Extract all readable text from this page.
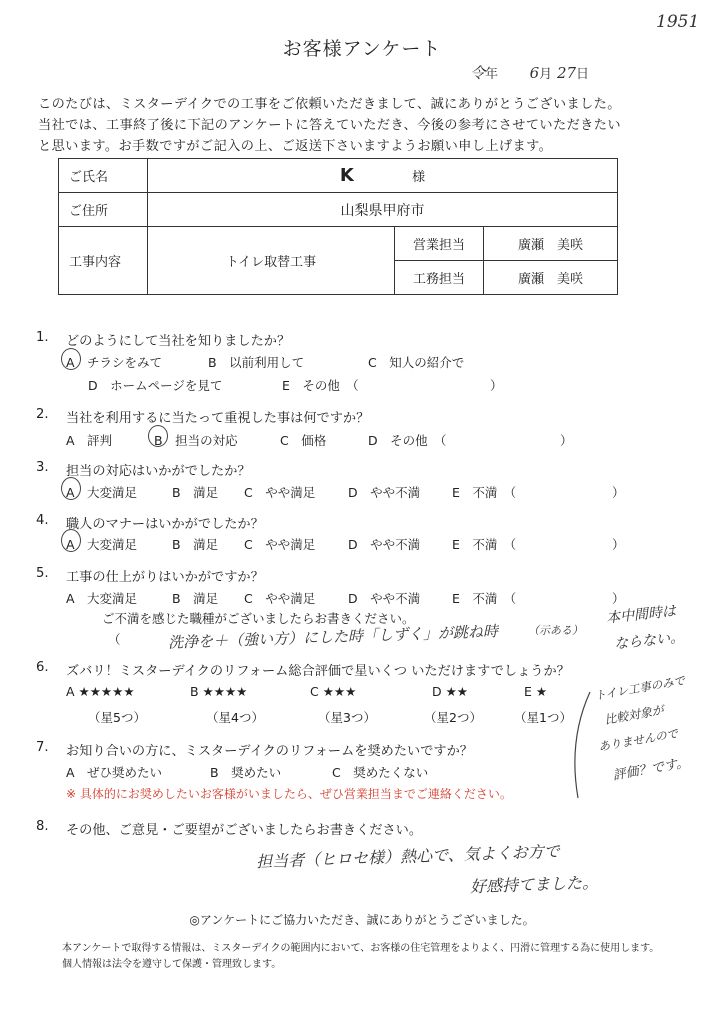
1951
お客様アンケート
令年 6月 27日
このたびは、ミスターデイクでの工事をご依頼いただきまして、誠にありがとうございました。
当社では、工事終了後に下記のアンケートに答えていただき、今後の参考にさせていただきたい
と思います。お手数ですがご記入の上、ご返送下さいますようお願い申し上げます。
ご氏名	K 様		
ご住所	山梨県甲府市		
工事内容	トイレ取替工事	営業担当	廣瀬　美咲
		工務担当	廣瀬　美咲
1. どのようにして当社を知りましたか？
A　チラシをみて	B　以前利用して	C　知人の紹介で
D　ホームページを見て	E　その他　（	）
2. 当社を利用するに当たって重視した事は何ですか？
A　評判	B　担当の対応	C　価格	D　その他　（	）
3. 担当の対応はいかがでしたか？
A　大変満足	B　満足 C　やや満足	D　やや不満	E　不満　（	）
4. 職人のマナーはいかがでしたか？
A　大変満足	B　満足 C　やや満足	D　やや不満	E　不満　（	）
5. 工事の仕上がりはいかがですか？
A　大変満足	B　満足 C　やや満足	D　やや不満	E　不満　（	）
ご不満を感じた職種がございましたらお書きください。
（	洗浄を＋（強い方）にした時「しずく」が跳ね時	（示ある）
本中間時は
ならない。
6. ズバリ！ミスターデイクのリフォーム総合評価で星いくつ いただけますでしょうか？
A ★★★★★	B ★★★★	C ★★★	D ★★	E ★
（星5つ）	（星4つ）	（星3つ）	（星2つ）	（星1つ）
トイレ工事のみで
比較対象が
ありませんので
評価？です。
7. お知り合いの方に、ミスターデイクのリフォームを奨めたいですか？
A　ぜひ奨めたい	B　奨めたい	C　奨めたくない
※ 具体的にお奨めしたいお客様がいましたら、ぜひ営業担当までご連絡ください。
8. その他、ご意見・ご要望がございましたらお書きください。
担当者（ヒロセ様）熱心で、気よくお方で
好感持てました。
◎アンケートにご協力いただき、誠にありがとうございました。
本アンケートで取得する情報は、ミスターデイクの範囲内において、お客様の住宅管理をよりよく、円滑に管理する為に使用します。
個人情報は法令を遵守して保護・管理致します。
